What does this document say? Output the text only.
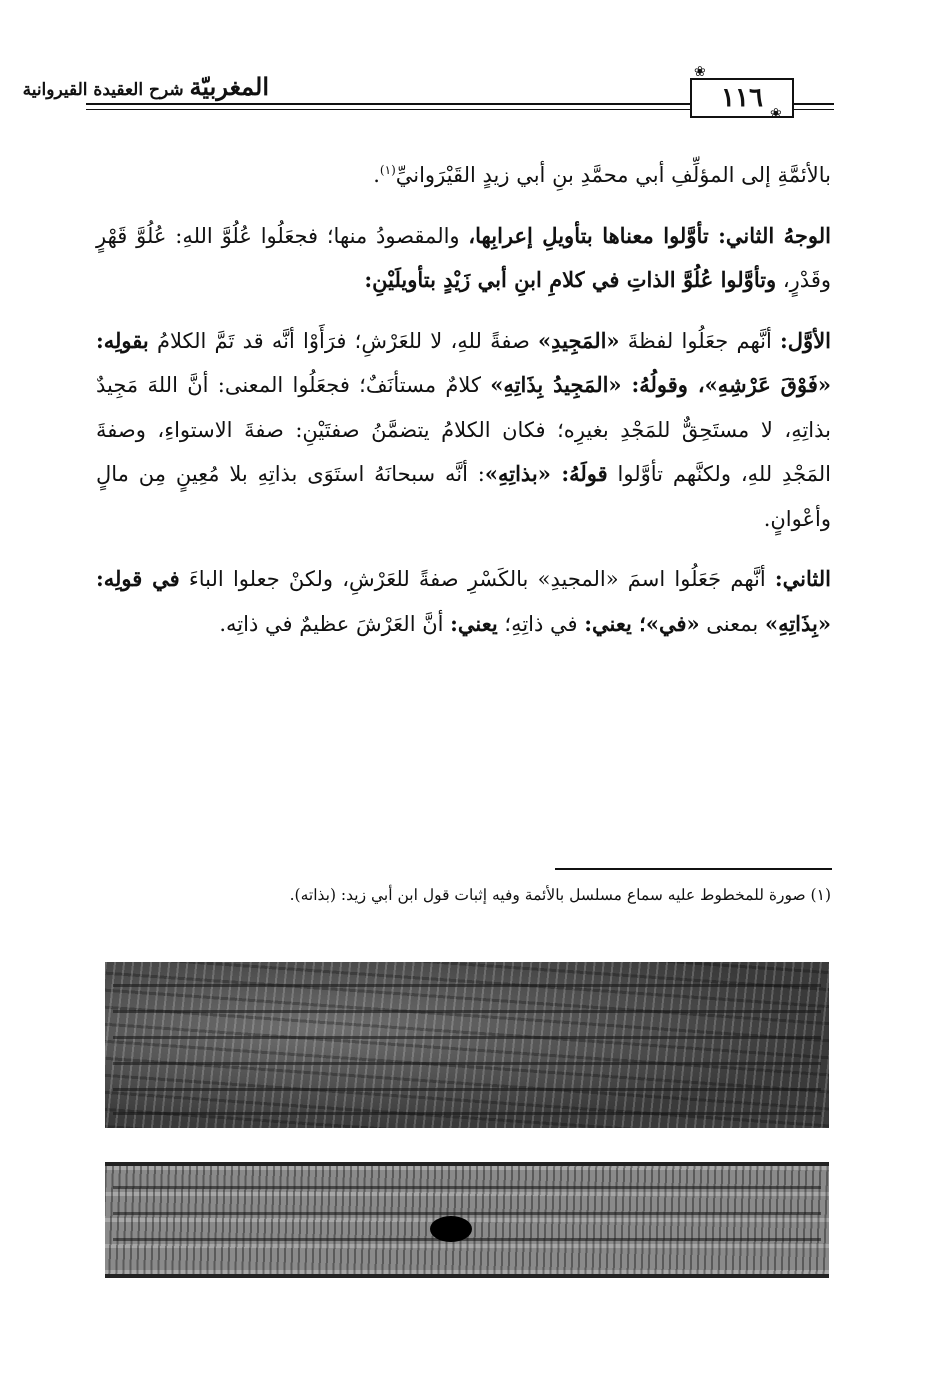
المغربيّة شرح العقيدة القيروانية	١١٦
❀
❀

بالأئمَّةِ إلى المؤلِّفِ أبي محمَّدِ بنِ أبي زيدٍ القَيْرَوانيِّ$^{(١)}$.

الوجهُ الثاني: تأوَّلوا معناها بتأويلِ إعرابِها، والمقصودُ منها؛ فجعَلُوا عُلُوَّ اللهِ: عُلُوَّ قَهْرٍ وقَدْرٍ، وتأوَّلوا عُلُوَّ الذاتِ في كلامِ ابنِ أبي زَيْدٍ بتأويلَيْنِ:

الأوَّل: أنَّهم جعَلُوا لفظةَ «المَجِيدِ» صفةً للهِ، لا للعَرْشِ؛ فرَأَوْا أنَّه قد تَمَّ الكلامُ بقولِه: «فَوْقَ عَرْشِهِ»، وقولُهُ: «المَجِيدُ بِذَاتِهِ» كلامٌ مستأنَفٌ؛ فجعَلُوا المعنى: أنَّ اللهَ مَجِيدٌ بذاتِهِ، لا مستَحِقٌّ للمَجْدِ بغيرِه؛ فكان الكلامُ يتضمَّنُ صفتَيْنِ: صفةَ الاستواءِ، وصفةَ المَجْدِ للهِ، ولكنَّهم تأوَّلوا قولَهُ: «بذاتِهِ»: أنَّه سبحانَهُ استَوَى بذاتِهِ بلا مُعِينٍ مِن مالٍ وأعْوانٍ.

الثاني: أنَّهم جَعَلُوا اسمَ «المجيدِ» بالكَسْرِ صفةً للعَرْشِ، ولكنْ جعلوا الباءَ في قولِه: «بِذَاتِهِ» بمعنى «في»؛ يعني: في ذاتِهِ؛ يعني: أنَّ العَرْشَ عظيمٌ في ذاتِه.

(١) صورة للمخطوط عليه سماع مسلسل بالأئمة وفيه إثبات قول ابن أبي زيد: (بذاته).
